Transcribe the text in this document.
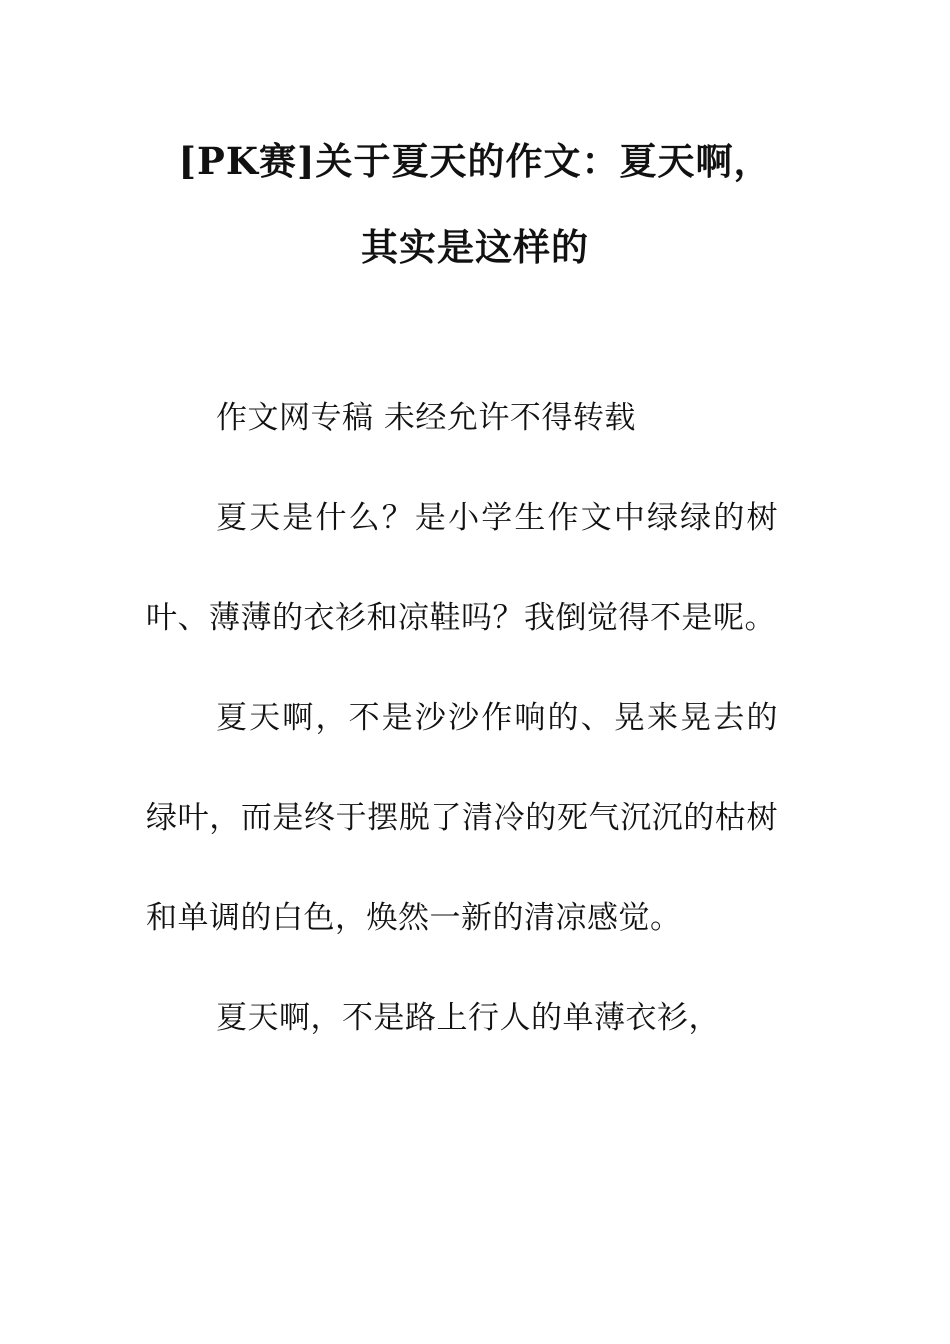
[PK赛]关于夏天的作文：夏天啊，
其实是这样的

作文网专稿 未经允许不得转载

夏天是什么？是小学生作文中绿绿的树叶、薄薄的衣衫和凉鞋吗？我倒觉得不是呢。

夏天啊，不是沙沙作响的、晃来晃去的绿叶，而是终于摆脱了清冷的死气沉沉的枯树和单调的白色，焕然一新的清凉感觉。

夏天啊，不是路上行人的单薄衣衫，
